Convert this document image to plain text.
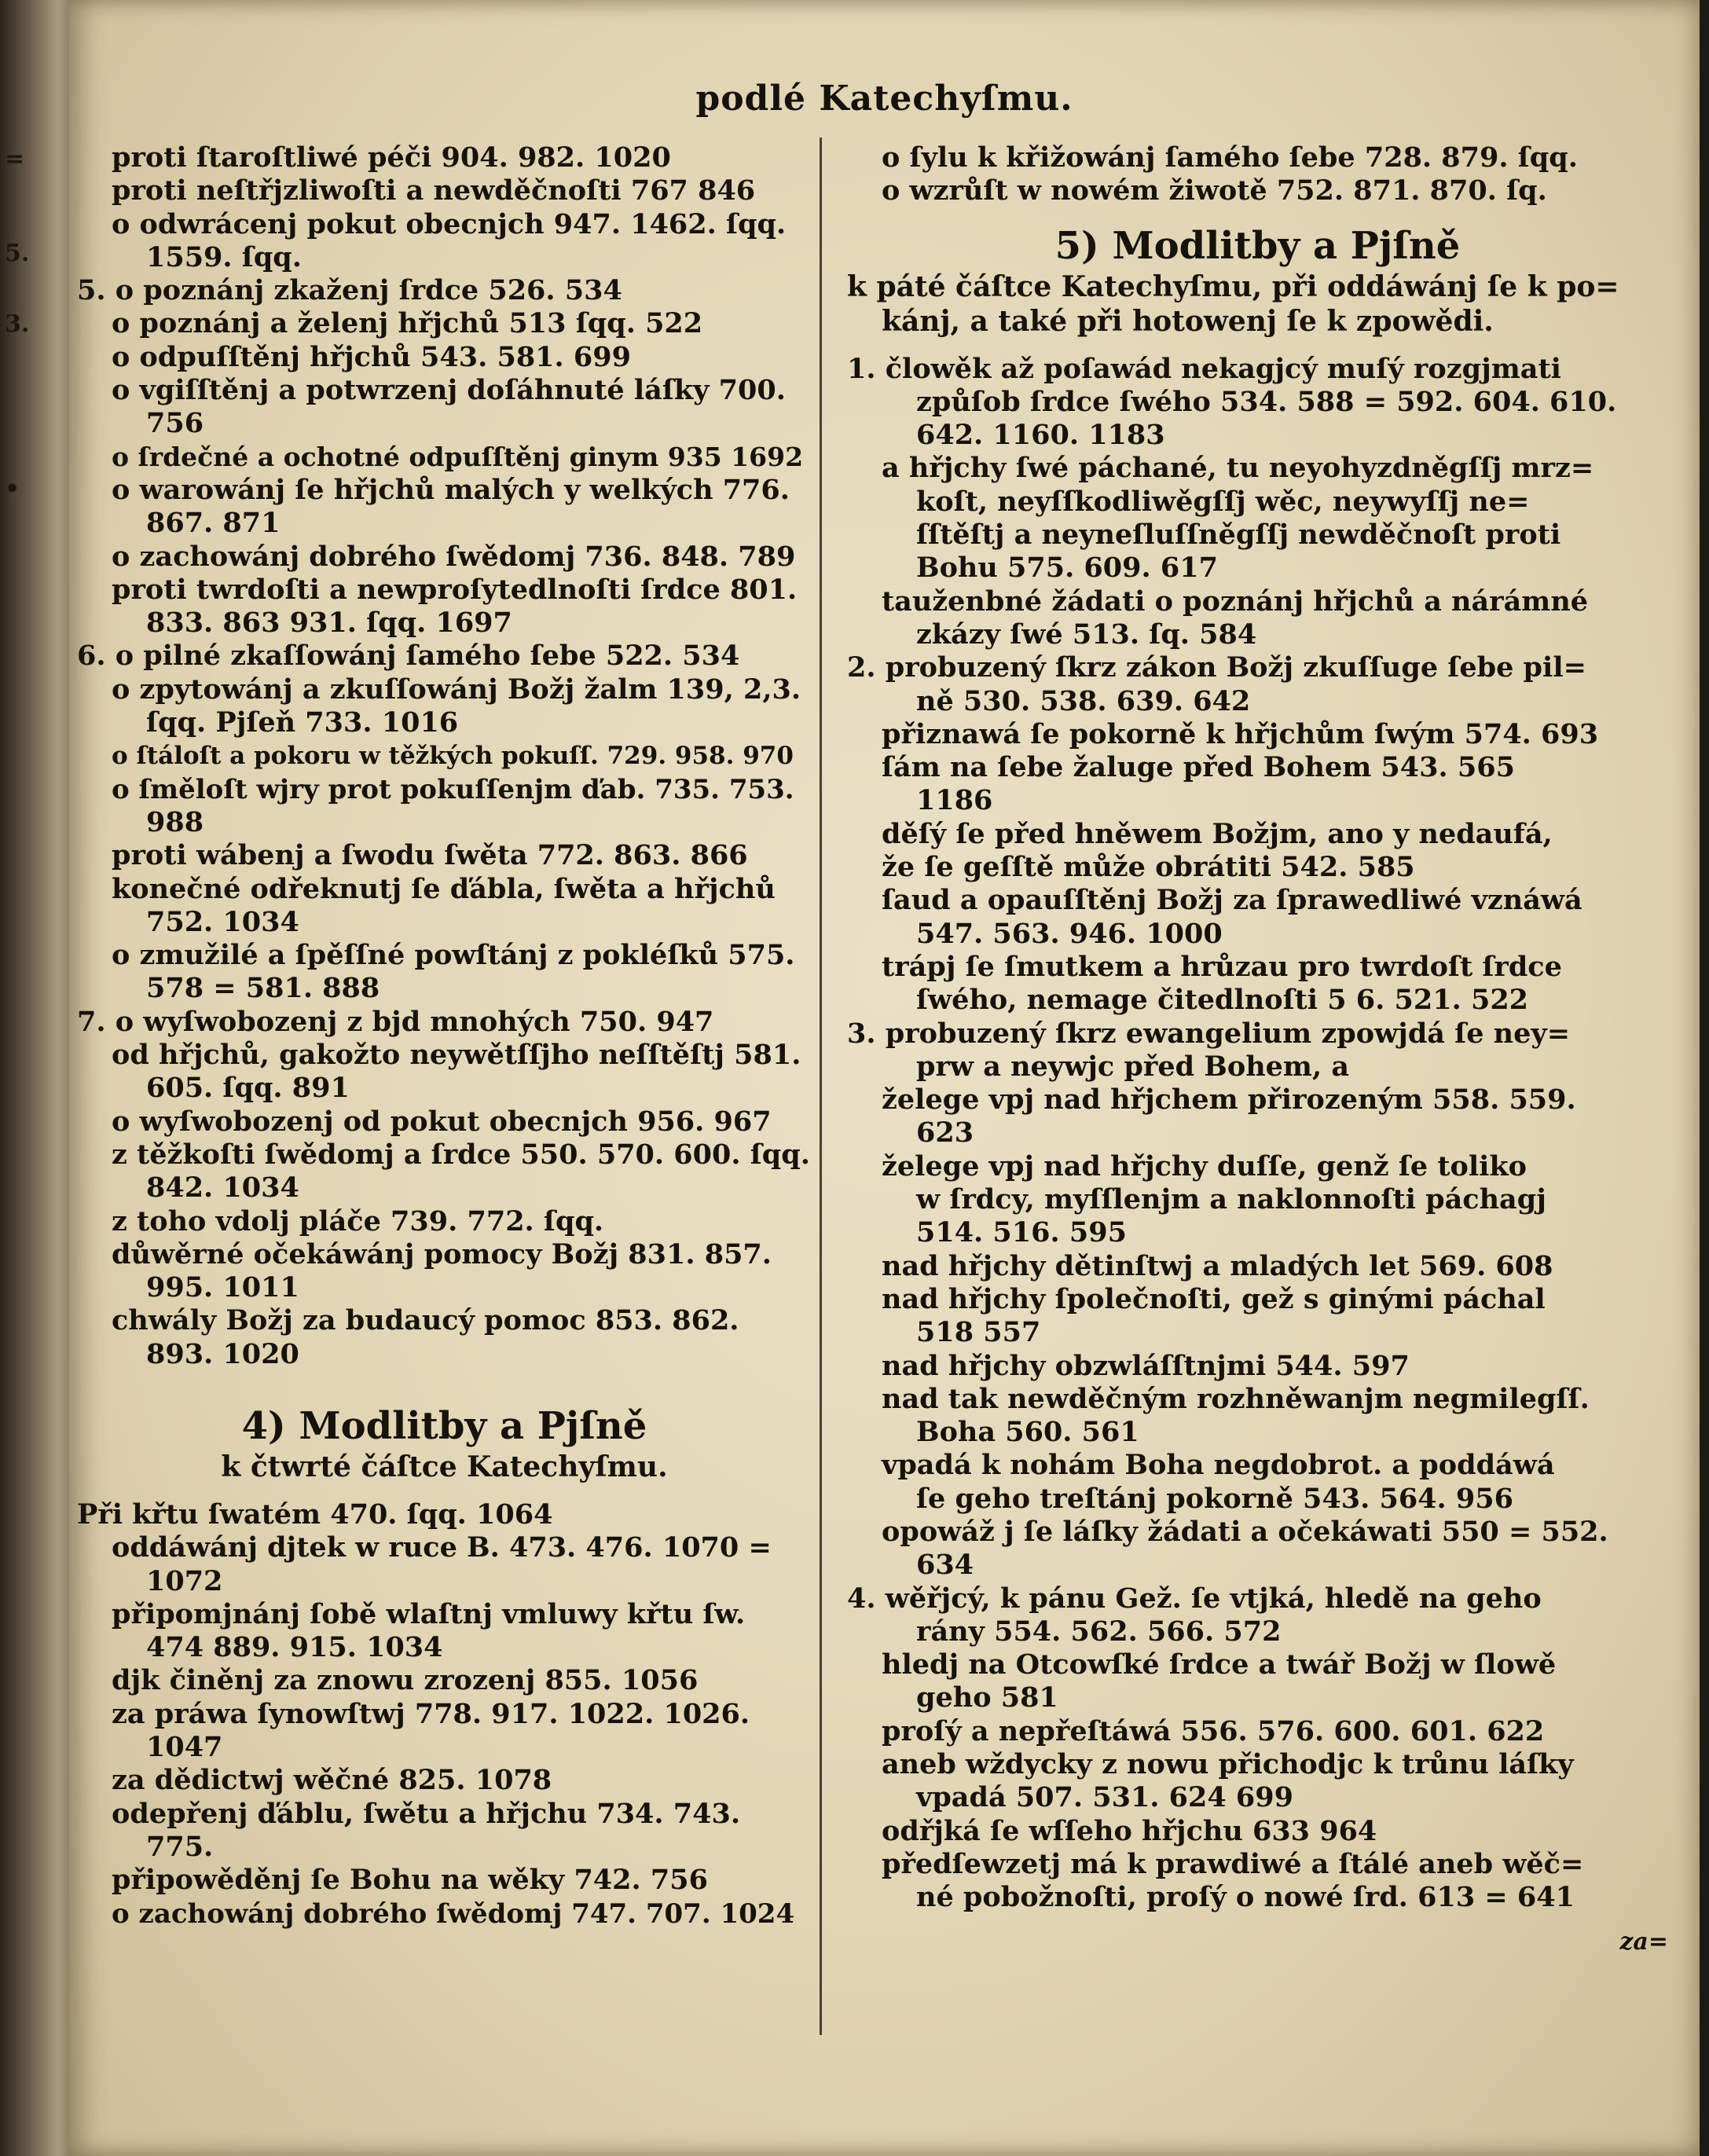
=
5.
3.
•
podlé Katechyſmu.
proti ſtaroſtliwé péči 904. 982. 1020
proti neſtřjzliwoſti a newděčnoſti 767 846
o odwrácenj pokut obecnjch 947. 1462. ſqq.
1559. ſqq.
5. o poznánj zkaženj ſrdce 526. 534
o poznánj a želenj hřjchů 513 ſqq. 522
o odpuſſtěnj hřjchů 543. 581. 699
o vgiſſtěnj a potwrzenj doſáhnuté láſky 700.
756
o ſrdečné a ochotné odpuſſtěnj ginym 935 1692
o warowánj ſe hřjchů malých y welkých 776.
867. 871
o zachowánj dobrého ſwědomj 736. 848. 789
proti twrdoſti a newproſytedlnoſti ſrdce 801.
833. 863 931. ſqq. 1697
6. o pilné zkaſſowánj ſamého ſebe 522. 534
o zpytowánj a zkuſſowánj Božj žalm 139, 2,3.
ſqq. Pjſeň 733. 1016
o ſtáloſt a pokoru w těžkých pokuſſ. 729. 958. 970
o ſměloſt wjry prot pokuſſenjm ďab. 735. 753.
988
proti wábenj a ſwodu ſwěta 772. 863. 866
konečné odřeknutj ſe ďábla, ſwěta a hřjchů
752. 1034
o zmužilé a ſpěſſné powſtánj z pokléſků 575.
578 = 581. 888
7. o wyſwobozenj z bjd mnohých 750. 947
od hřjchů, gakožto neywětſſjho neſſtěſtj 581.
605. ſqq. 891
o wyſwobozenj od pokut obecnjch 956. 967
z těžkoſti ſwědomj a ſrdce 550. 570. 600. ſqq.
842. 1034
z toho vdolj pláče 739. 772. ſqq.
důwěrné očekáwánj pomocy Božj 831. 857.
995. 1011
chwály Božj za budaucý pomoc 853. 862.
893. 1020
4) Modlitby a Pjſně
k čtwrté čáſtce Katechyſmu.
Při křtu ſwatém 470. ſqq. 1064
oddáwánj djtek w ruce B. 473. 476. 1070 =
1072
připomjnánj ſobě wlaſtnj vmluwy křtu ſw.
474 889. 915. 1034
djk činěnj za znowu zrozenj 855. 1056
za práwa ſynowſtwj 778. 917. 1022. 1026.
1047
za dědictwj wěčné 825. 1078
odepřenj ďáblu, ſwětu a hřjchu 734. 743.
775.
připowěděnj ſe Bohu na wěky 742. 756
o zachowánj dobrého ſwědomj 747. 707. 1024
o ſylu k křižowánj ſamého ſebe 728. 879. ſqq.
o wzrůſt w nowém žiwotě 752. 871. 870. ſq.
5) Modlitby a Pjſně
k páté čáſtce Katechyſmu, při oddáwánj ſe k po=
kánj, a také při hotowenj ſe k zpowědi.
1. člowěk až poſawád nekagjcý muſý rozgjmati
způſob ſrdce ſwého 534. 588 = 592. 604. 610.
642. 1160. 1183
a hřjchy ſwé páchané, tu neyohyzdněgſſj mrz=
koſt, neyſſkodliwěgſſj wěc, neywyſſj ne=
ſſtěſtj a neyneſluſſněgſſj newděčnoſt proti
Bohu 575. 609. 617
tauženbné žádati o poznánj hřjchů a nárámné
zkázy ſwé 513. ſq. 584
2. probuzený ſkrz zákon Božj zkuſſuge ſebe pil=
ně 530. 538. 639. 642
přiznawá ſe pokorně k hřjchům ſwým 574. 693
ſám na ſebe žaluge před Bohem 543. 565
1186
děſý ſe před hněwem Božjm, ano y nedaufá,
že ſe geſſtě může obrátiti 542. 585
ſaud a opauſſtěnj Božj za ſprawedliwé vznáwá
547. 563. 946. 1000
trápj ſe ſmutkem a hrůzau pro twrdoſt ſrdce
ſwého, nemage čitedlnoſti 5 6. 521. 522
3. probuzený ſkrz ewangelium zpowjdá ſe ney=
prw a neywjc před Bohem, a
želege vpj nad hřjchem přirozeným 558. 559.
623
želege vpj nad hřjchy duſſe, genž ſe toliko
w ſrdcy, myſſlenjm a naklonnoſti páchagj
514. 516. 595
nad hřjchy dětinſtwj a mladých let 569. 608
nad hřjchy ſpolečnoſti, gež s ginými páchal
518 557
nad hřjchy obzwláſſtnjmi 544. 597
nad tak newděčným rozhněwanjm negmilegſſ.
Boha 560. 561
vpadá k nohám Boha negdobrot. a poddáwá
ſe geho treſtánj pokorně 543. 564. 956
opowáž j ſe láſky žádati a očekáwati 550 = 552.
634
4. wěřjcý, k pánu Gež. ſe vtjká, hledě na geho
rány 554. 562. 566. 572
hledj na Otcowſké ſrdce a twář Božj w ſlowě
geho 581
proſý a nepřeſtáwá 556. 576. 600. 601. 622
aneb wždycky z nowu přichodjc k trůnu láſky
vpadá 507. 531. 624 699
odřjká ſe wſſeho hřjchu 633 964
předſewzetj má k prawdiwé a ſtálé aneb wěč=
né pobožnoſti, proſý o nowé ſrd. 613 = 641
za=
